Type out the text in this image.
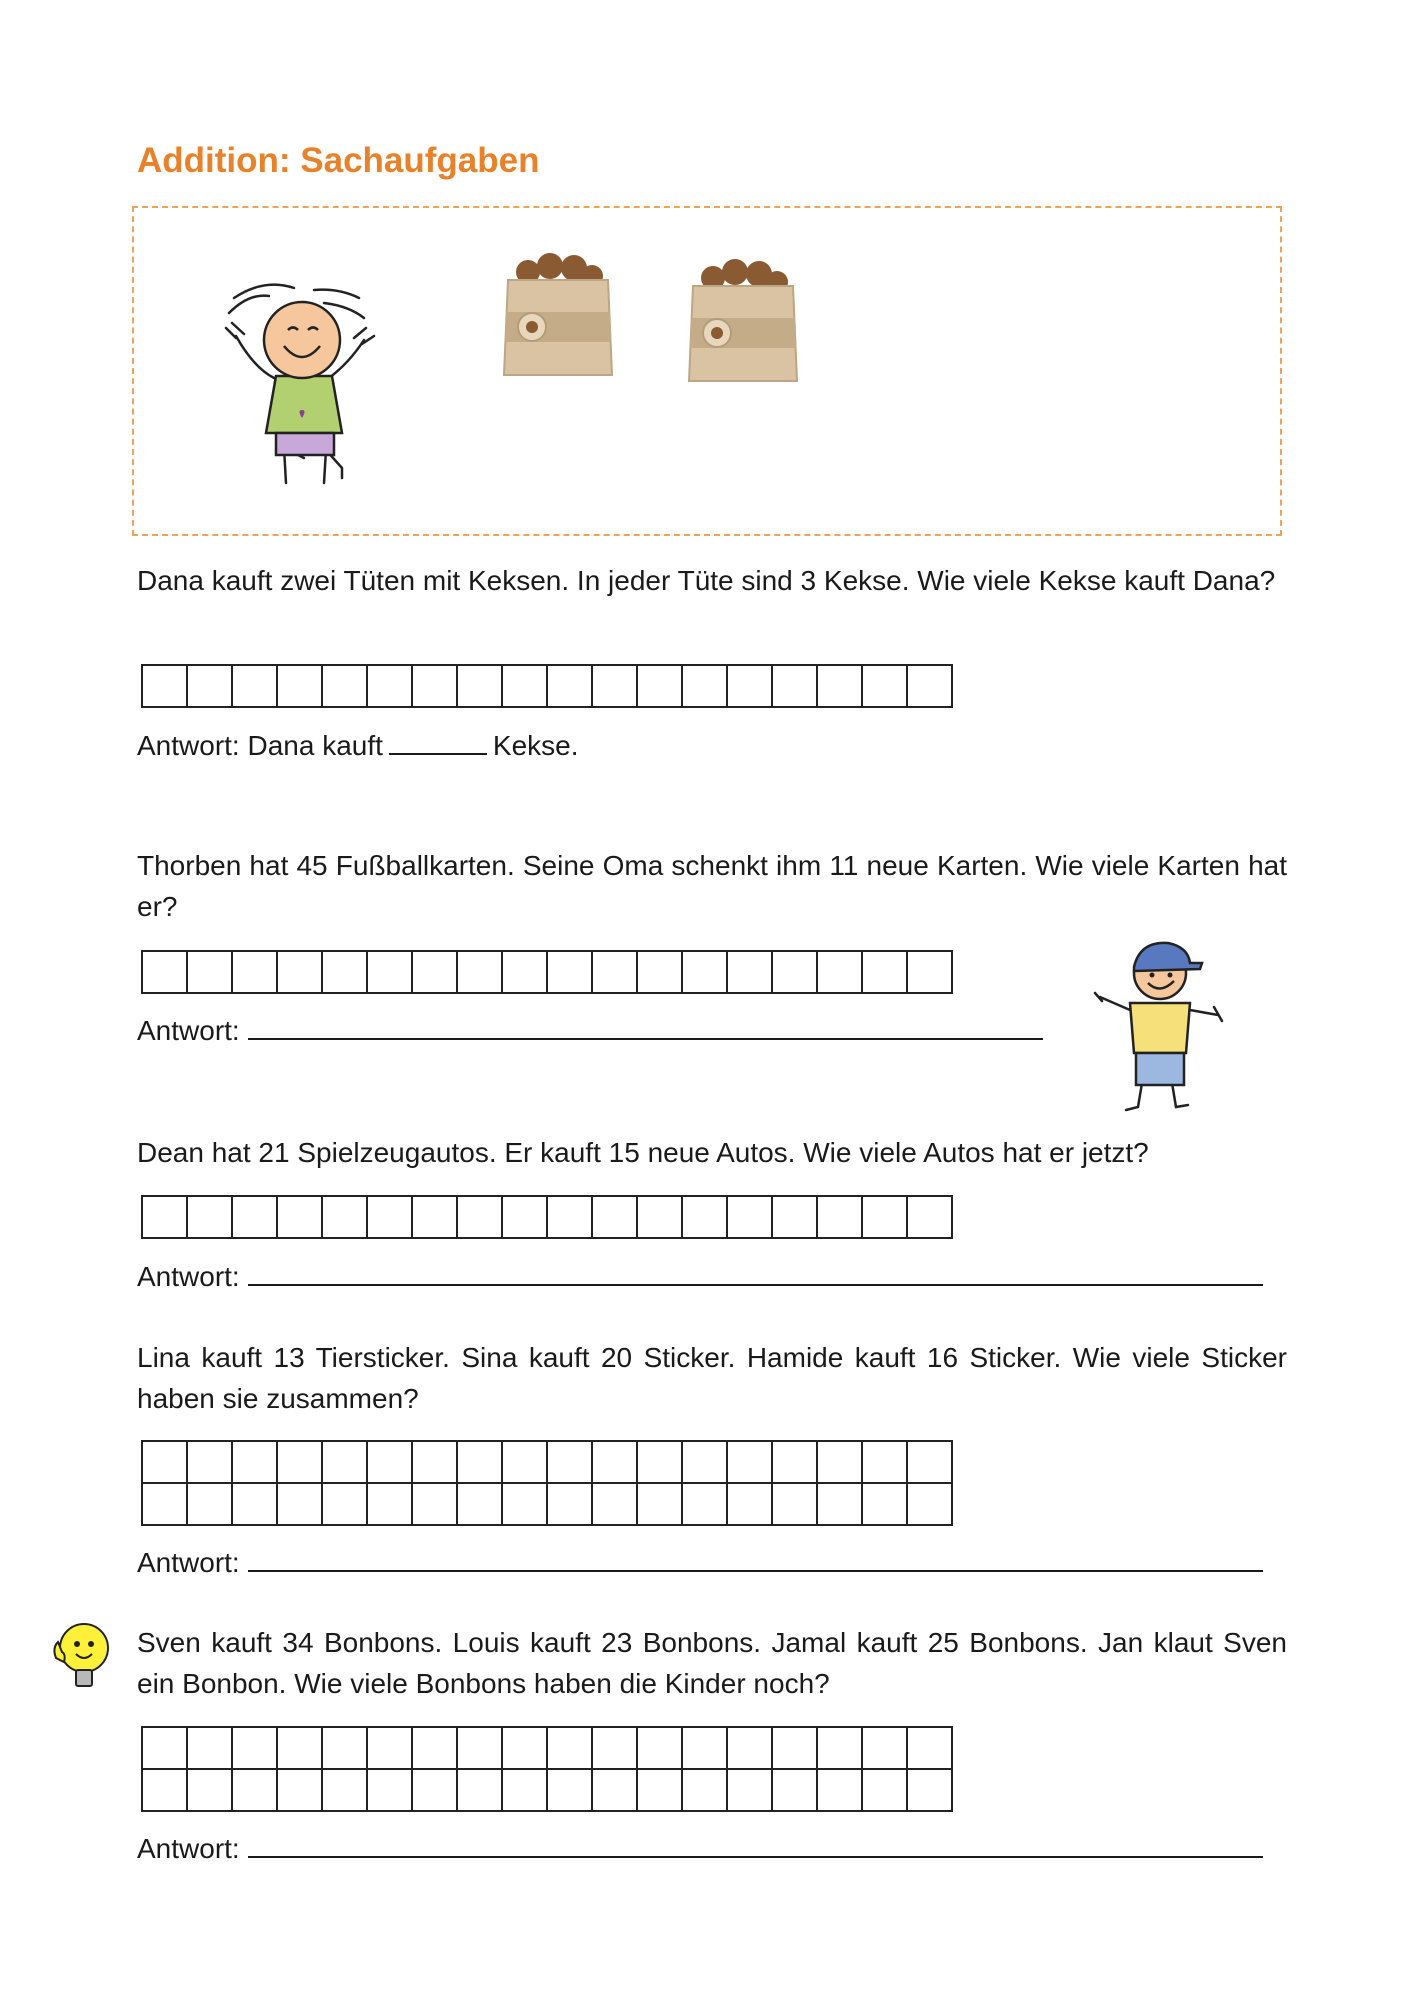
Addition: Sachaufgaben

Dana kauft zwei Tüten mit Keksen. In jeder Tüte sind 3 Kekse. Wie viele Kekse kauft Dana?

Antwort: Dana kauft	Kekse.

Thorben hat 45 Fußballkarten. Seine Oma schenkt ihm 11 neue Karten. Wie viele Karten hat er?

Antwort:

Dean hat 21 Spielzeugautos. Er kauft 15 neue Autos. Wie viele Autos hat er jetzt?

Antwort:

Lina kauft 13 Tiersticker. Sina kauft 20 Sticker. Hamide kauft 16 Sticker. Wie viele Sticker haben sie zusammen?

Antwort:

Sven kauft 34 Bonbons. Louis kauft 23 Bonbons. Jamal kauft 25 Bonbons. Jan klaut Sven ein Bonbon. Wie viele Bonbons haben die Kinder noch?

Antwort:
